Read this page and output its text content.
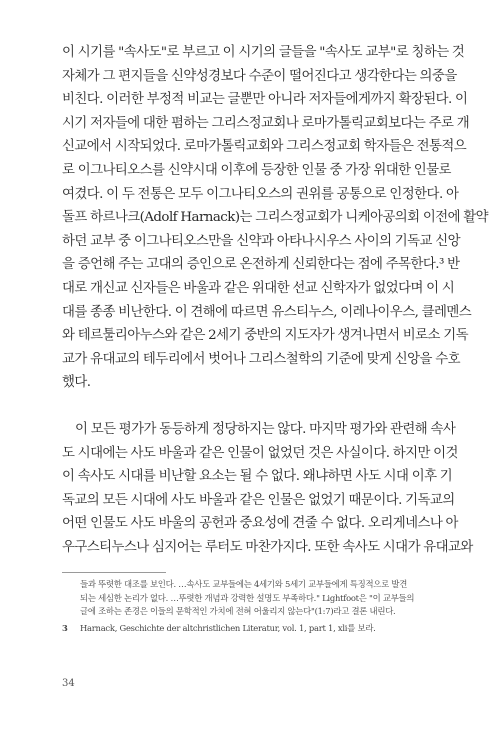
이 시기를 "속사도"로 부르고 이 시기의 글들을 "속사도 교부"로 칭하는 것
자체가 그 편지들을 신약성경보다 수준이 떨어진다고 생각한다는 의중을
비친다. 이러한 부정적 비교는 글뿐만 아니라 저자들에게까지 확장된다. 이
시기 저자들에 대한 폄하는 그리스정교회나 로마가톨릭교회보다는 주로 개
신교에서 시작되었다. 로마가톨릭교회와 그리스정교회 학자들은 전통적으
로 이그나티오스를 신약시대 이후에 등장한 인물 중 가장 위대한 인물로
여겼다. 이 두 전통은 모두 이그나티오스의 권위를 공통으로 인정한다. 아
돌프 하르나크(Adolf Harnack)는 그리스정교회가 니케아공의회 이전에 활약
하던 교부 중 이그나티오스만을 신약과 아타나시우스 사이의 기독교 신앙
을 증언해 주는 고대의 증인으로 온전하게 신뢰한다는 점에 주목한다.³ 반
대로 개신교 신자들은 바울과 같은 위대한 선교 신학자가 없었다며 이 시
대를 종종 비난한다. 이 견해에 따르면 유스티누스, 이레나이우스, 클레멘스
와 테르툴리아누스와 같은 2세기 중반의 지도자가 생겨나면서 비로소 기독
교가 유대교의 테두리에서 벗어나 그리스철학의 기준에 맞게 신앙을 수호
했다.

이 모든 평가가 동등하게 정당하지는 않다. 마지막 평가와 관련해 속사
도 시대에는 사도 바울과 같은 인물이 없었던 것은 사실이다. 하지만 이것
이 속사도 시대를 비난할 요소는 될 수 없다. 왜냐하면 사도 시대 이후 기
독교의 모든 시대에 사도 바울과 같은 인물은 없었기 때문이다. 기독교의
어떤 인물도 사도 바울의 공헌과 중요성에 견줄 수 없다. 오리게네스나 아
우구스티누스나 심지어는 루터도 마찬가지다. 또한 속사도 시대가 유대교와

들과 뚜렷한 대조를 보인다. …속사도 교부들에는 4세기와 5세기 교부들에게 특징적으로 발견
되는 세심한 논리가 없다. …뚜렷한 개념과 강력한 설명도 부족하다." Lightfoot은 "이 교부들의
글에 조하는 존경은 이들의 문학적인 가치에 전혀 어울리지 않는다"(1:7)라고 결론 내린다.

3 Harnack, Geschichte der altchristlichen Literatur, vol. 1, part 1, xli를 보라.

34
